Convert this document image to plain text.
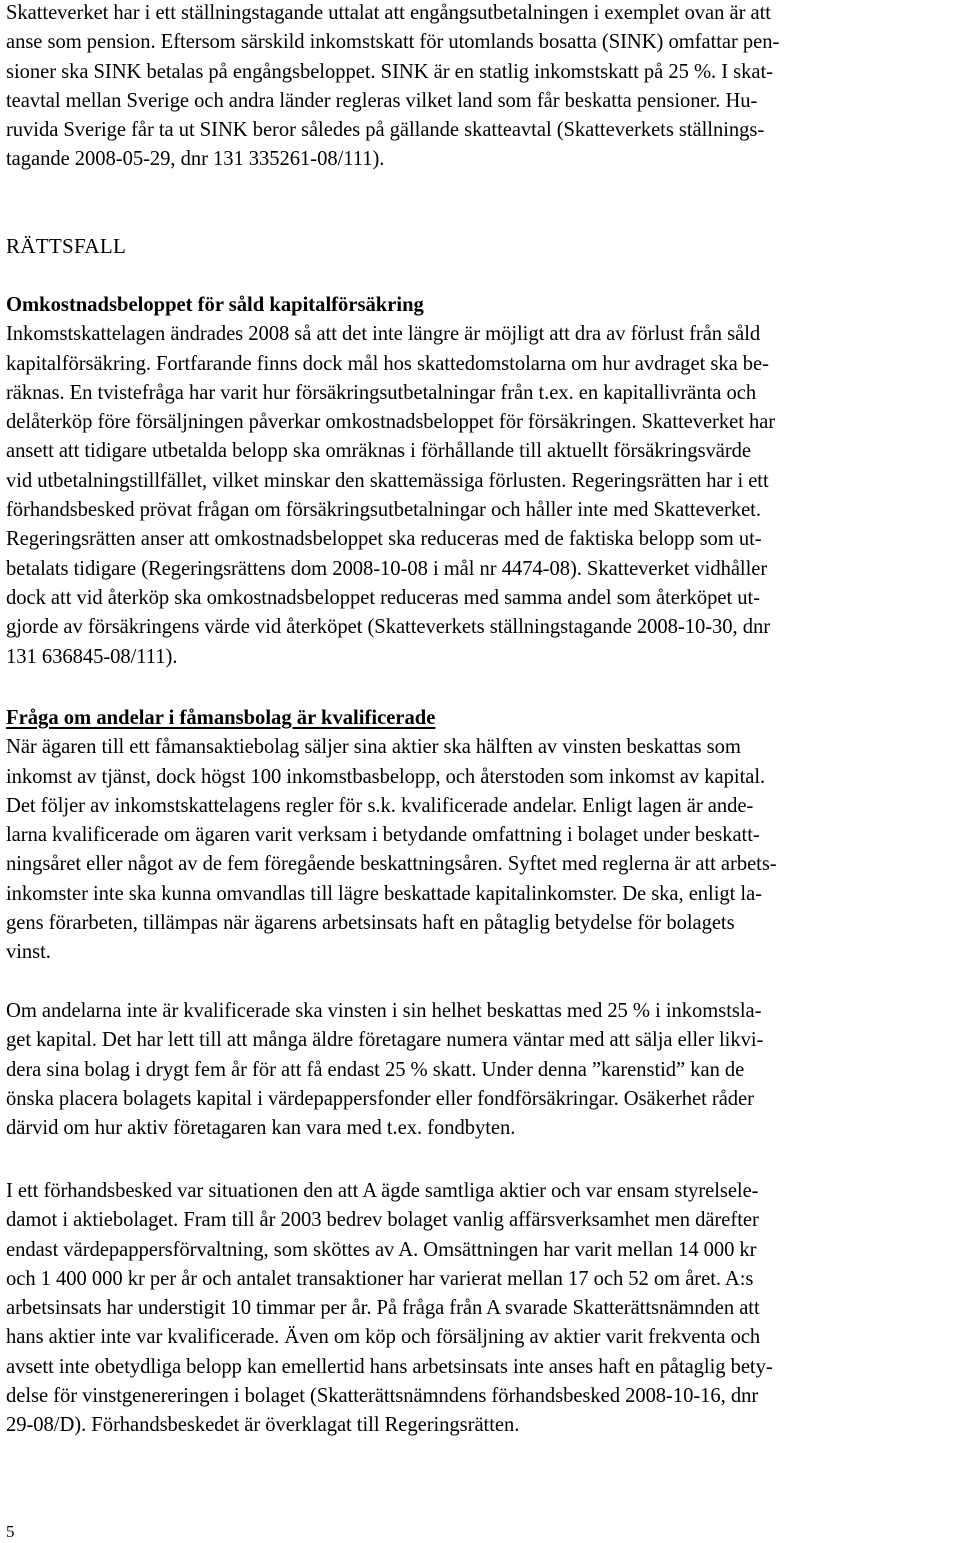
Skatteverket har i ett ställningstagande uttalat att engångsutbetalningen i exemplet ovan är att
anse som pension. Eftersom särskild inkomstskatt för utomlands bosatta (SINK) omfattar pen-
sioner ska SINK betalas på engångsbeloppet. SINK är en statlig inkomstskatt på 25 %. I skat-
teavtal mellan Sverige och andra länder regleras vilket land som får beskatta pensioner. Hu-
ruvida Sverige får ta ut SINK beror således på gällande skatteavtal (Skatteverkets ställnings-
tagande 2008-05-29, dnr 131 335261-08/111).
RÄTTSFALL
Omkostnadsbeloppet för såld kapitalförsäkring
Inkomstskattelagen ändrades 2008 så att det inte längre är möjligt att dra av förlust från såld
kapitalförsäkring. Fortfarande finns dock mål hos skattedomstolarna om hur avdraget ska be-
räknas. En tvistefråga har varit hur försäkringsutbetalningar från t.ex. en kapitallivränta och
delåterköp före försäljningen påverkar omkostnadsbeloppet för försäkringen. Skatteverket har
ansett att tidigare utbetalda belopp ska omräknas i förhållande till aktuellt försäkringsvärde
vid utbetalningstillfället, vilket minskar den skattemässiga förlusten. Regeringsrätten har i ett
förhandsbesked prövat frågan om försäkringsutbetalningar och håller inte med Skatteverket.
Regeringsrätten anser att omkostnadsbeloppet ska reduceras med de faktiska belopp som ut-
betalats tidigare (Regeringsrättens dom 2008-10-08 i mål nr 4474-08). Skatteverket vidhåller
dock att vid återköp ska omkostnadsbeloppet reduceras med samma andel som återköpet ut-
gjorde av försäkringens värde vid återköpet (Skatteverkets ställningstagande 2008-10-30, dnr
131 636845-08/111).
Fråga om andelar i fåmansbolag är kvalificerade
När ägaren till ett fåmansaktiebolag säljer sina aktier ska hälften av vinsten beskattas som
inkomst av tjänst, dock högst 100 inkomstbasbelopp, och återstoden som inkomst av kapital.
Det följer av inkomstskattelagens regler för s.k. kvalificerade andelar. Enligt lagen är ande-
larna kvalificerade om ägaren varit verksam i betydande omfattning i bolaget under beskatt-
ningsåret eller något av de fem föregående beskattningsåren. Syftet med reglerna är att arbets-
inkomster inte ska kunna omvandlas till lägre beskattade kapitalinkomster. De ska, enligt la-
gens förarbeten, tillämpas när ägarens arbetsinsats haft en påtaglig betydelse för bolagets
vinst.
Om andelarna inte är kvalificerade ska vinsten i sin helhet beskattas med 25 % i inkomstsla-
get kapital. Det har lett till att många äldre företagare numera väntar med att sälja eller likvi-
dera sina bolag i drygt fem år för att få endast 25 % skatt. Under denna ”karenstid” kan de
önska placera bolagets kapital i värdepappersfonder eller fondförsäkringar. Osäkerhet råder
därvid om hur aktiv företagaren kan vara med t.ex. fondbyten.
I ett förhandsbesked var situationen den att A ägde samtliga aktier och var ensam styrelsele-
damot i aktiebolaget. Fram till år 2003 bedrev bolaget vanlig affärsverksamhet men därefter
endast värdepappersförvaltning, som sköttes av A. Omsättningen har varit mellan 14 000 kr
och 1 400 000 kr per år och antalet transaktioner har varierat mellan 17 och 52 om året. A:s
arbetsinsats har understigit 10 timmar per år. På fråga från A svarade Skatterättsnämnden att
hans aktier inte var kvalificerade. Även om köp och försäljning av aktier varit frekventa och
avsett inte obetydliga belopp kan emellertid hans arbetsinsats inte anses haft en påtaglig bety-
delse för vinstgenereringen i bolaget (Skatterättsnämndens förhandsbesked 2008-10-16, dnr
29-08/D). Förhandsbeskedet är överklagat till Regeringsrätten.
5
